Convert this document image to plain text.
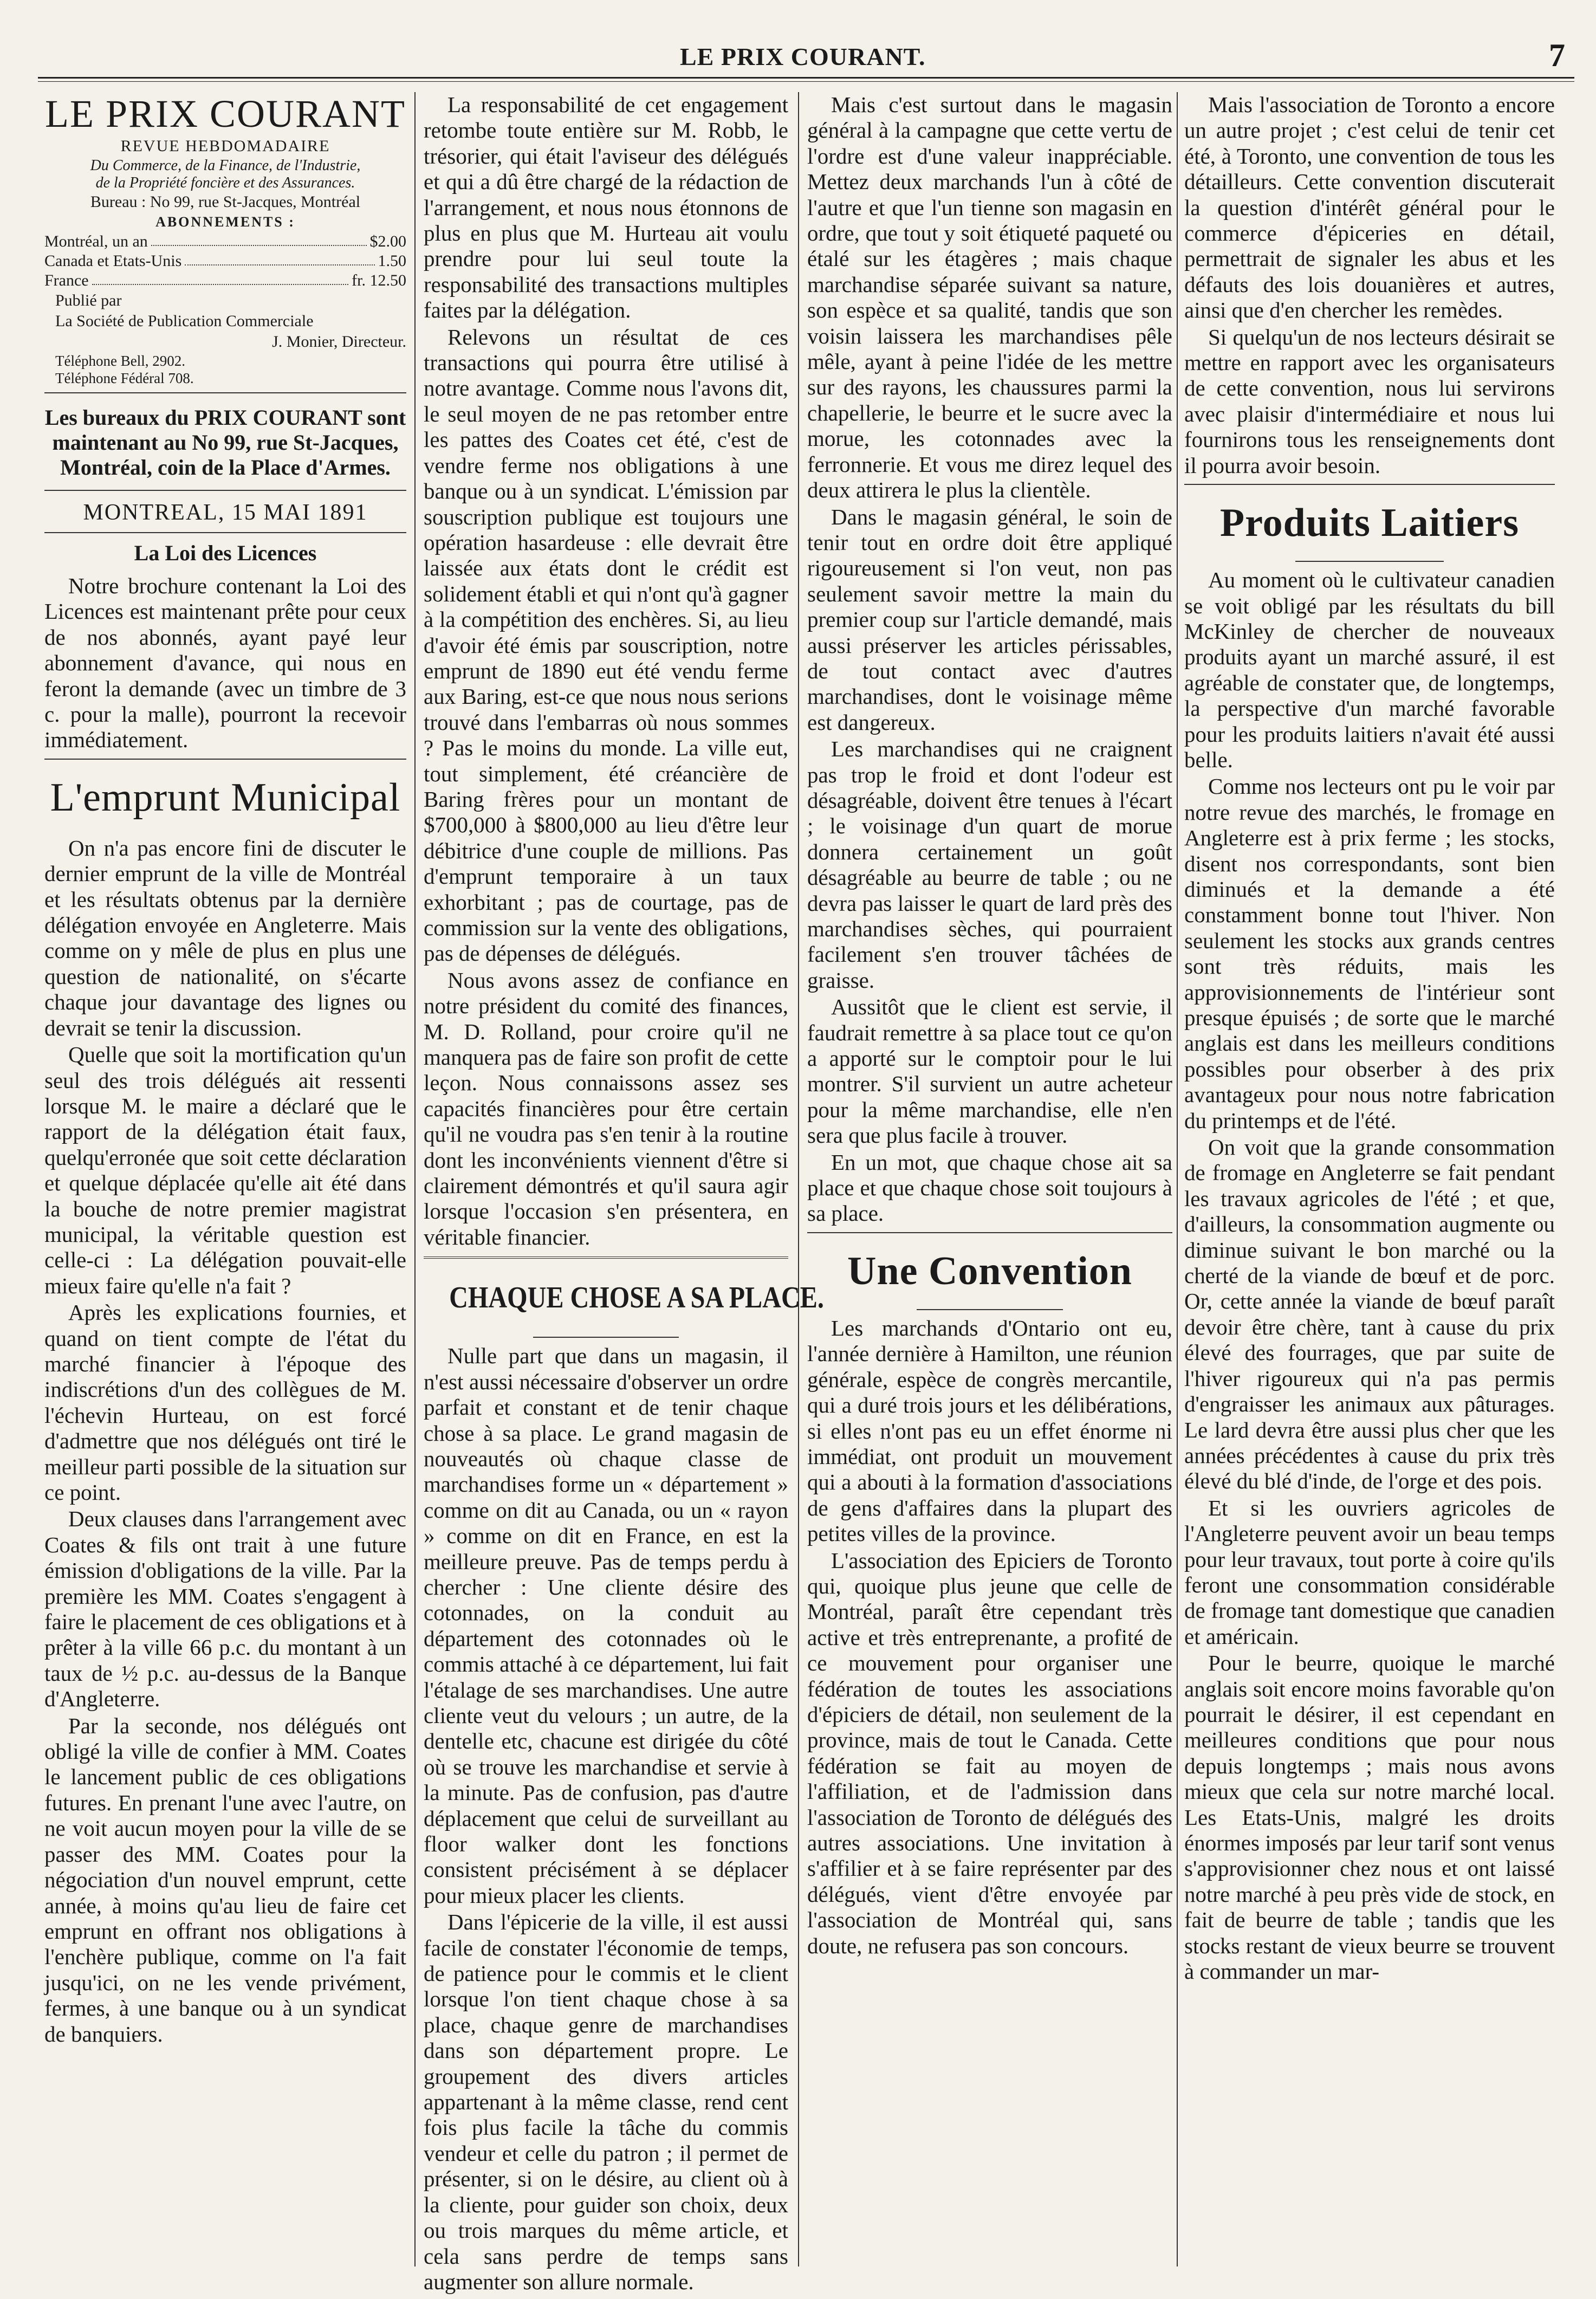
LE PRIX COURANT.	7
LE PRIX COURANT
REVUE HEBDOMADAIRE
Du Commerce, de la Finance, de l'Industrie,
de la Propriété foncière et des Assurances.
Bureau : No 99, rue St-Jacques, Montréal
ABONNEMENTS :
Montréal, un an	$2.00
Canada et Etats-Unis	1.50
France	fr. 12.50
Publié par
La Société de Publication Commerciale
J. Monier, Directeur.
Téléphone Bell, 2902.
Téléphone Fédéral 708.
Les bureaux du PRIX COURANT sont maintenant au No 99, rue St-Jacques, Montréal, coin de la Place d'Armes.
MONTREAL, 15 MAI 1891
La Loi des Licences

Notre brochure contenant la Loi des Licences est maintenant prête pour ceux de nos abonnés, ayant payé leur abonnement d'avance, qui nous en feront la demande (avec un timbre de 3 c. pour la malle), pourront la recevoir immédiatement.

L'emprunt Municipal

On n'a pas encore fini de discuter le dernier emprunt de la ville de Montréal et les résultats obtenus par la dernière délégation envoyée en Angleterre. Mais comme on y mêle de plus en plus une question de nationalité, on s'écarte chaque jour davantage des lignes ou devrait se tenir la discussion.

Quelle que soit la mortification qu'un seul des trois délégués ait ressenti lorsque M. le maire a déclaré que le rapport de la délégation était faux, quelqu'erronée que soit cette déclaration et quelque déplacée qu'elle ait été dans la bouche de notre premier magistrat municipal, la véritable question est celle-ci : La délégation pouvait-elle mieux faire qu'elle n'a fait ?

Après les explications fournies, et quand on tient compte de l'état du marché financier à l'époque des indiscrétions d'un des collègues de M. l'échevin Hurteau, on est forcé d'admettre que nos délégués ont tiré le meilleur parti possible de la situation sur ce point.

Deux clauses dans l'arrangement avec Coates & fils ont trait à une future émission d'obligations de la ville. Par la première les MM. Coates s'engagent à faire le placement de ces obligations et à prêter à la ville 66 p.c. du montant à un taux de ½ p.c. au-dessus de la Banque d'Angleterre.

Par la seconde, nos délégués ont obligé la ville de confier à MM. Coates le lancement public de ces obligations futures. En prenant l'une avec l'autre, on ne voit aucun moyen pour la ville de se passer des MM. Coates pour la négociation d'un nouvel emprunt, cette année, à moins qu'au lieu de faire cet emprunt en offrant nos obligations à l'enchère publique, comme on l'a fait jusqu'ici, on ne les vende privément, fermes, à une banque ou à un syndicat de banquiers.

La responsabilité de cet engagement retombe toute entière sur M. Robb, le trésorier, qui était l'aviseur des délégués et qui a dû être chargé de la rédaction de l'arrangement, et nous nous étonnons de plus en plus que M. Hurteau ait voulu prendre pour lui seul toute la responsabilité des transactions multiples faites par la délégation.

Relevons un résultat de ces transactions qui pourra être utilisé à notre avantage. Comme nous l'avons dit, le seul moyen de ne pas retomber entre les pattes des Coates cet été, c'est de vendre ferme nos obligations à une banque ou à un syndicat. L'émission par souscription publique est toujours une opération hasardeuse : elle devrait être laissée aux états dont le crédit est solidement établi et qui n'ont qu'à gagner à la compétition des enchères. Si, au lieu d'avoir été émis par souscription, notre emprunt de 1890 eut été vendu ferme aux Baring, est-ce que nous nous serions trouvé dans l'embarras où nous sommes ? Pas le moins du monde. La ville eut, tout simplement, été créancière de Baring frères pour un montant de $700,000 à $800,000 au lieu d'être leur débitrice d'une couple de millions. Pas d'emprunt temporaire à un taux exhorbitant ; pas de courtage, pas de commission sur la vente des obligations, pas de dépenses de délégués.

Nous avons assez de confiance en notre président du comité des finances, M. D. Rolland, pour croire qu'il ne manquera pas de faire son profit de cette leçon. Nous connaissons assez ses capacités financières pour être certain qu'il ne voudra pas s'en tenir à la routine dont les inconvénients viennent d'être si clairement démontrés et qu'il saura agir lorsque l'occasion s'en présentera, en véritable financier.

CHAQUE CHOSE A SA PLACE.

Nulle part que dans un magasin, il n'est aussi nécessaire d'observer un ordre parfait et constant et de tenir chaque chose à sa place. Le grand magasin de nouveautés où chaque classe de marchandises forme un « département » comme on dit au Canada, ou un « rayon » comme on dit en France, en est la meilleure preuve. Pas de temps perdu à chercher : Une cliente désire des cotonnades, on la conduit au département des cotonnades où le commis attaché à ce département, lui fait l'étalage de ses marchandises. Une autre cliente veut du velours ; un autre, de la dentelle etc, chacune est dirigée du côté où se trouve les marchandise et servie à la minute. Pas de confusion, pas d'autre déplacement que celui de surveillant au floor walker dont les fonctions consistent précisément à se déplacer pour mieux placer les clients.

Dans l'épicerie de la ville, il est aussi facile de constater l'économie de temps, de patience pour le commis et le client lorsque l'on tient chaque chose à sa place, chaque genre de marchandises dans son département propre. Le groupement des divers articles appartenant à la même classe, rend cent fois plus facile la tâche du commis vendeur et celle du patron ; il permet de présenter, si on le désire, au client où à la cliente, pour guider son choix, deux ou trois marques du même article, et cela sans perdre de temps sans augmenter son allure normale.

Mais c'est surtout dans le magasin général à la campagne que cette vertu de l'ordre est d'une valeur inappréciable. Mettez deux marchands l'un à côté de l'autre et que l'un tienne son magasin en ordre, que tout y soit étiqueté paqueté ou étalé sur les étagères ; mais chaque marchandise séparée suivant sa nature, son espèce et sa qualité, tandis que son voisin laissera les marchandises pêle mêle, ayant à peine l'idée de les mettre sur des rayons, les chaussures parmi la chapellerie, le beurre et le sucre avec la morue, les cotonnades avec la ferronnerie. Et vous me direz lequel des deux attirera le plus la clientèle.

Dans le magasin général, le soin de tenir tout en ordre doit être appliqué rigoureusement si l'on veut, non pas seulement savoir mettre la main du premier coup sur l'article demandé, mais aussi préserver les articles périssables, de tout contact avec d'autres marchandises, dont le voisinage même est dangereux.

Les marchandises qui ne craignent pas trop le froid et dont l'odeur est désagréable, doivent être tenues à l'écart ; le voisinage d'un quart de morue donnera certainement un goût désagréable au beurre de table ; ou ne devra pas laisser le quart de lard près des marchandises sèches, qui pourraient facilement s'en trouver tâchées de graisse.

Aussitôt que le client est servie, il faudrait remettre à sa place tout ce qu'on a apporté sur le comptoir pour le lui montrer. S'il survient un autre acheteur pour la même marchandise, elle n'en sera que plus facile à trouver.

En un mot, que chaque chose ait sa place et que chaque chose soit toujours à sa place.

Une Convention

Les marchands d'Ontario ont eu, l'année dernière à Hamilton, une réunion générale, espèce de congrès mercantile, qui a duré trois jours et les délibérations, si elles n'ont pas eu un effet énorme ni immédiat, ont produit un mouvement qui a abouti à la formation d'associations de gens d'affaires dans la plupart des petites villes de la province.

L'association des Epiciers de Toronto qui, quoique plus jeune que celle de Montréal, paraît être cependant très active et très entreprenante, a profité de ce mouvement pour organiser une fédération de toutes les associations d'épiciers de détail, non seulement de la province, mais de tout le Canada. Cette fédération se fait au moyen de l'affiliation, et de l'admission dans l'association de Toronto de délégués des autres associations. Une invitation à s'affilier et à se faire représenter par des délégués, vient d'être envoyée par l'association de Montréal qui, sans doute, ne refusera pas son concours.

Mais l'association de Toronto a encore un autre projet ; c'est celui de tenir cet été, à Toronto, une convention de tous les détailleurs. Cette convention discuterait la question d'intérêt général pour le commerce d'épiceries en détail, permettrait de signaler les abus et les défauts des lois douanières et autres, ainsi que d'en chercher les remèdes.

Si quelqu'un de nos lecteurs désirait se mettre en rapport avec les organisateurs de cette convention, nous lui servirons avec plaisir d'intermédiaire et nous lui fournirons tous les renseignements dont il pourra avoir besoin.

Produits Laitiers

Au moment où le cultivateur canadien se voit obligé par les résultats du bill McKinley de chercher de nouveaux produits ayant un marché assuré, il est agréable de constater que, de longtemps, la perspective d'un marché favorable pour les produits laitiers n'avait été aussi belle.

Comme nos lecteurs ont pu le voir par notre revue des marchés, le fromage en Angleterre est à prix ferme ; les stocks, disent nos correspondants, sont bien diminués et la demande a été constamment bonne tout l'hiver. Non seulement les stocks aux grands centres sont très réduits, mais les approvisionnements de l'intérieur sont presque épuisés ; de sorte que le marché anglais est dans les meilleurs conditions possibles pour obserber à des prix avantageux pour nous notre fabrication du printemps et de l'été.

On voit que la grande consommation de fromage en Angleterre se fait pendant les travaux agricoles de l'été ; et que, d'ailleurs, la consommation augmente ou diminue suivant le bon marché ou la cherté de la viande de bœuf et de porc. Or, cette année la viande de bœuf paraît devoir être chère, tant à cause du prix élevé des fourrages, que par suite de l'hiver rigoureux qui n'a pas permis d'engraisser les animaux aux pâturages. Le lard devra être aussi plus cher que les années précédentes à cause du prix très élevé du blé d'inde, de l'orge et des pois.

Et si les ouvriers agricoles de l'Angleterre peuvent avoir un beau temps pour leur travaux, tout porte à coire qu'ils feront une consommation considérable de fromage tant domestique que canadien et américain.

Pour le beurre, quoique le marché anglais soit encore moins favorable qu'on pourrait le désirer, il est cependant en meilleures conditions que pour nous depuis longtemps ; mais nous avons mieux que cela sur notre marché local. Les Etats-Unis, malgré les droits énormes imposés par leur tarif sont venus s'approvisionner chez nous et ont laissé notre marché à peu près vide de stock, en fait de beurre de table ; tandis que les stocks restant de vieux beurre se trouvent à commander un mar-
